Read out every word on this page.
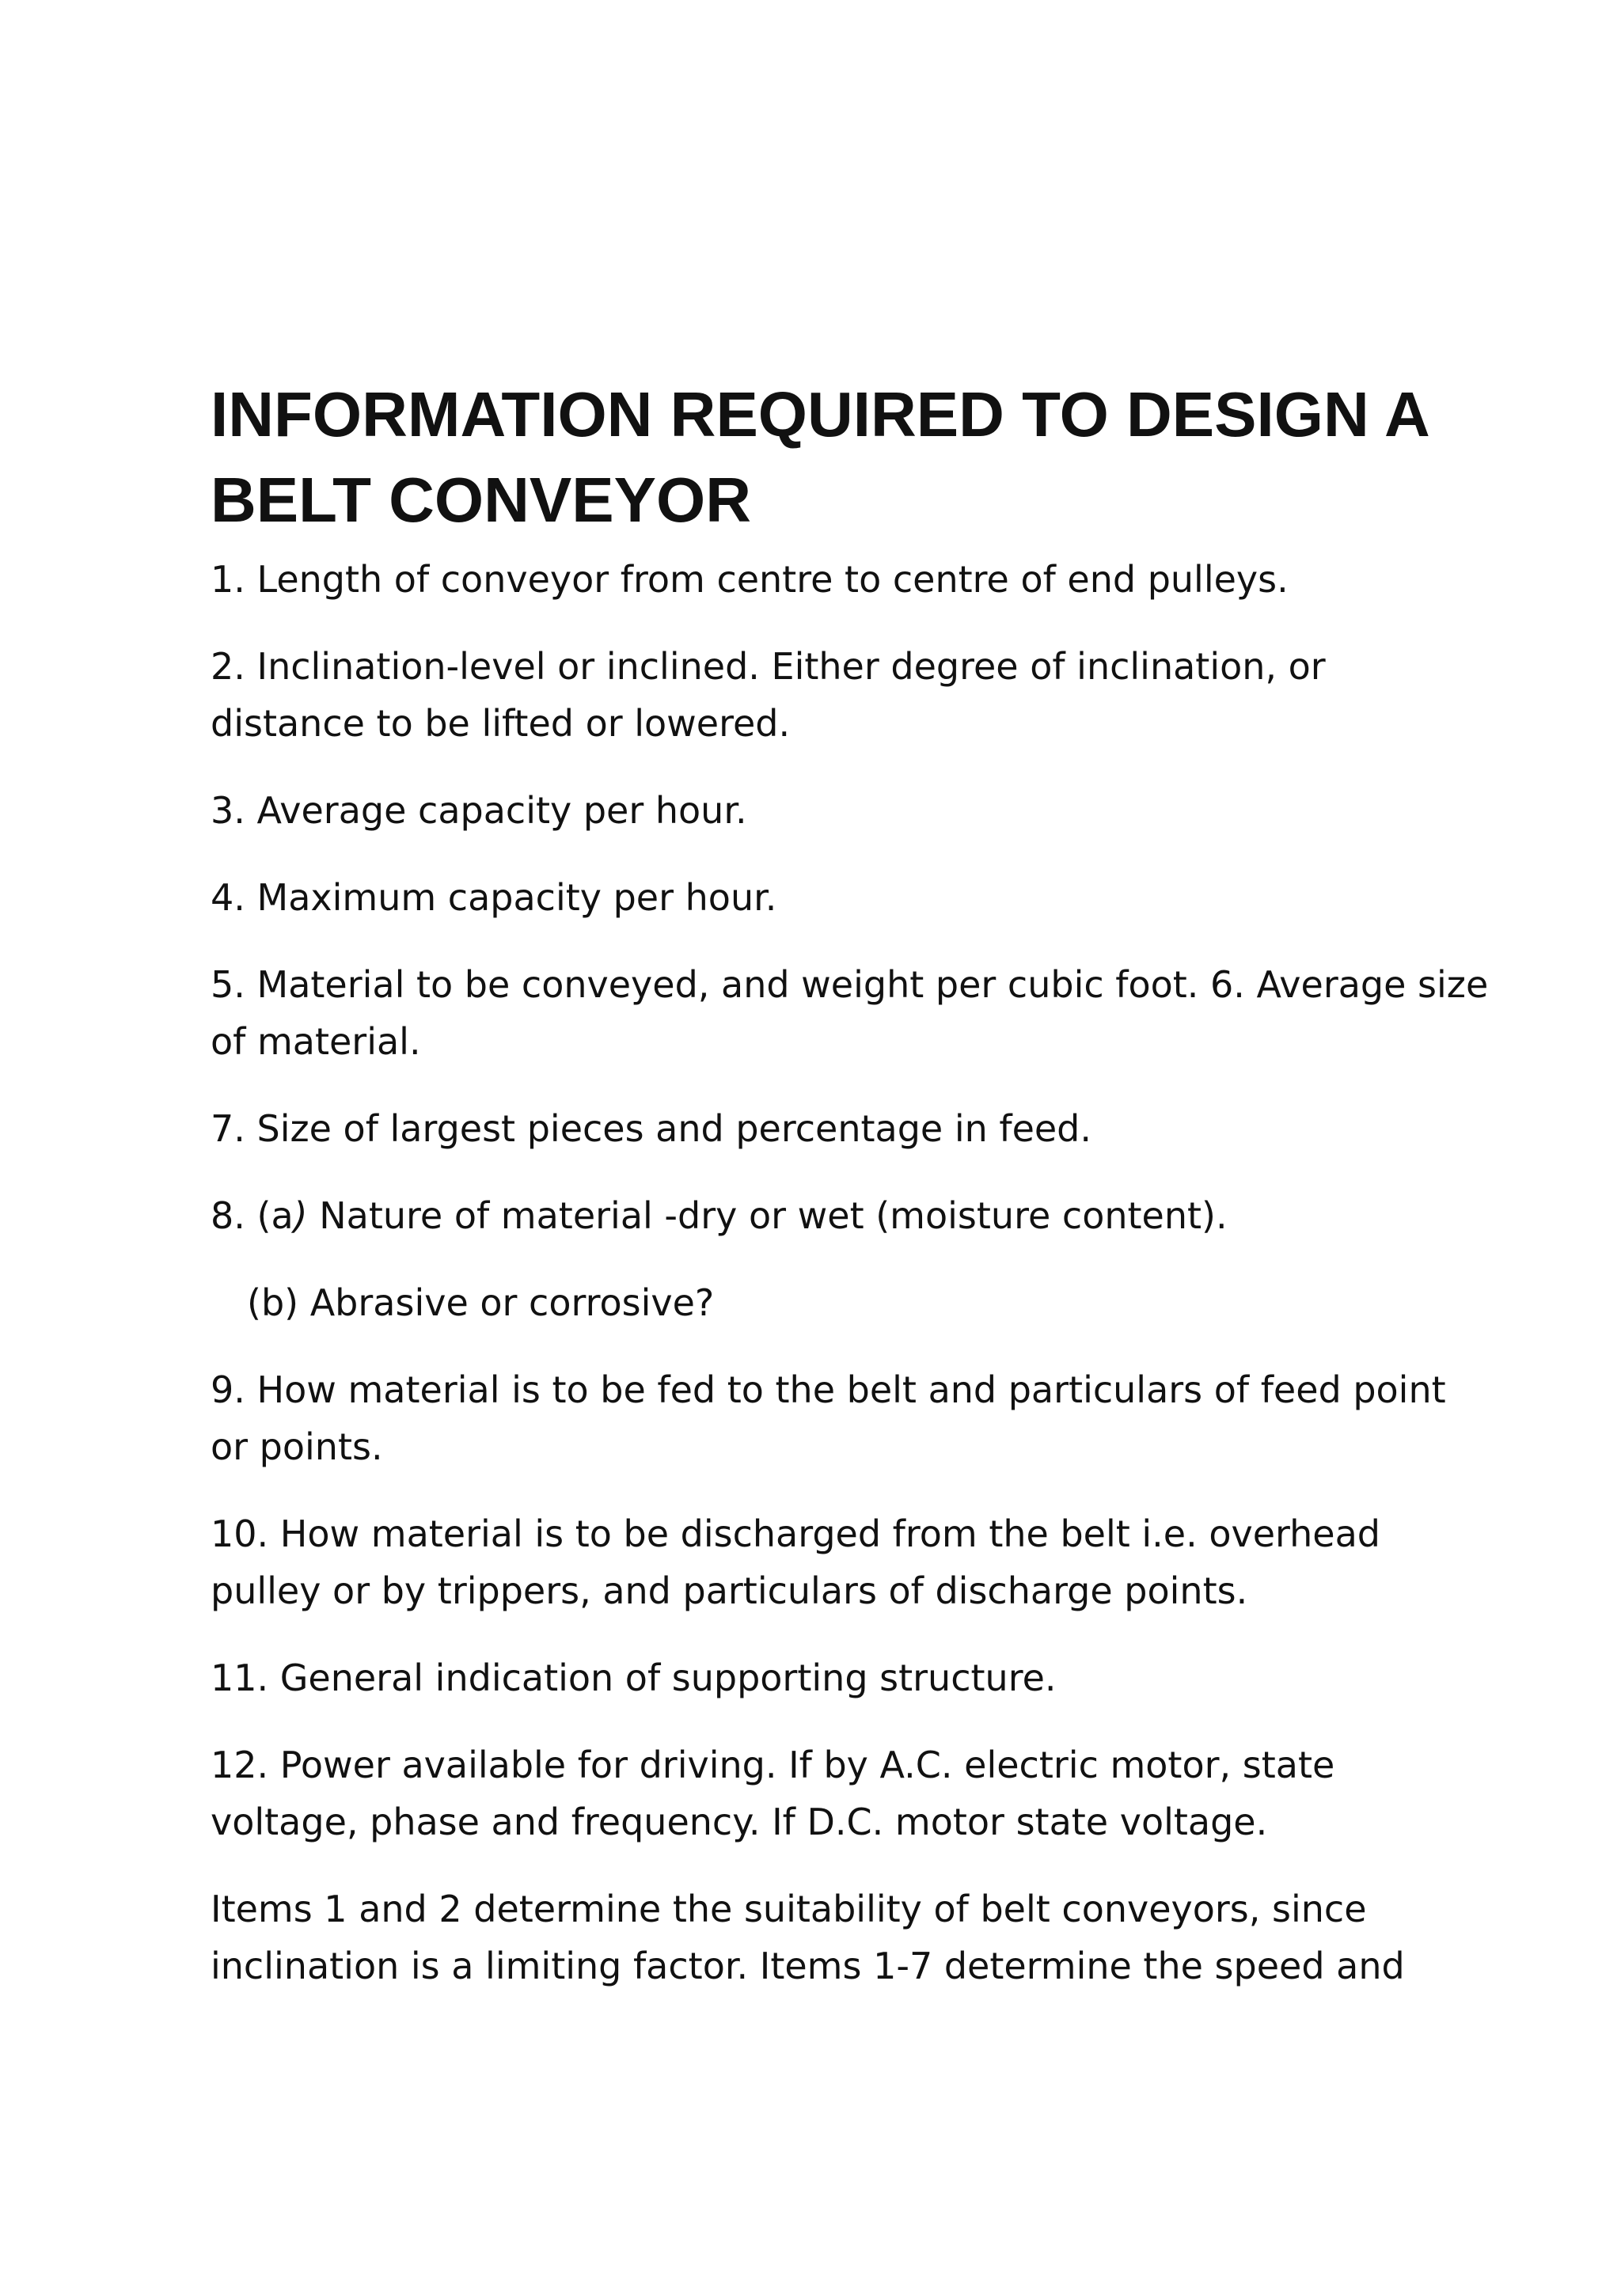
INFORMATION REQUIRED TO DESIGN A
BELT CONVEYOR

1. Length of conveyor from centre to centre of end pulleys.

2. Inclination-level or inclined. Either degree of inclination, or
distance to be lifted or lowered.

3. Average capacity per hour.

4. Maximum capacity per hour.

5. Material to be conveyed, and weight per cubic foot. 6. Average size
of material.

7. Size of largest pieces and percentage in feed.

8. (a) Nature of material -dry or wet (moisture content).

(b) Abrasive or corrosive?

9. How material is to be fed to the belt and particulars of feed point
or points.

10. How material is to be discharged from the belt i.e. overhead
pulley or by trippers, and particulars of discharge points.

11. General indication of supporting structure.

12. Power available for driving. If by A.C. electric motor, state
voltage, phase and frequency. If D.C. motor state voltage.

Items 1 and 2 determine the suitability of belt conveyors, since
inclination is a limiting factor. Items 1-7 determine the speed and
